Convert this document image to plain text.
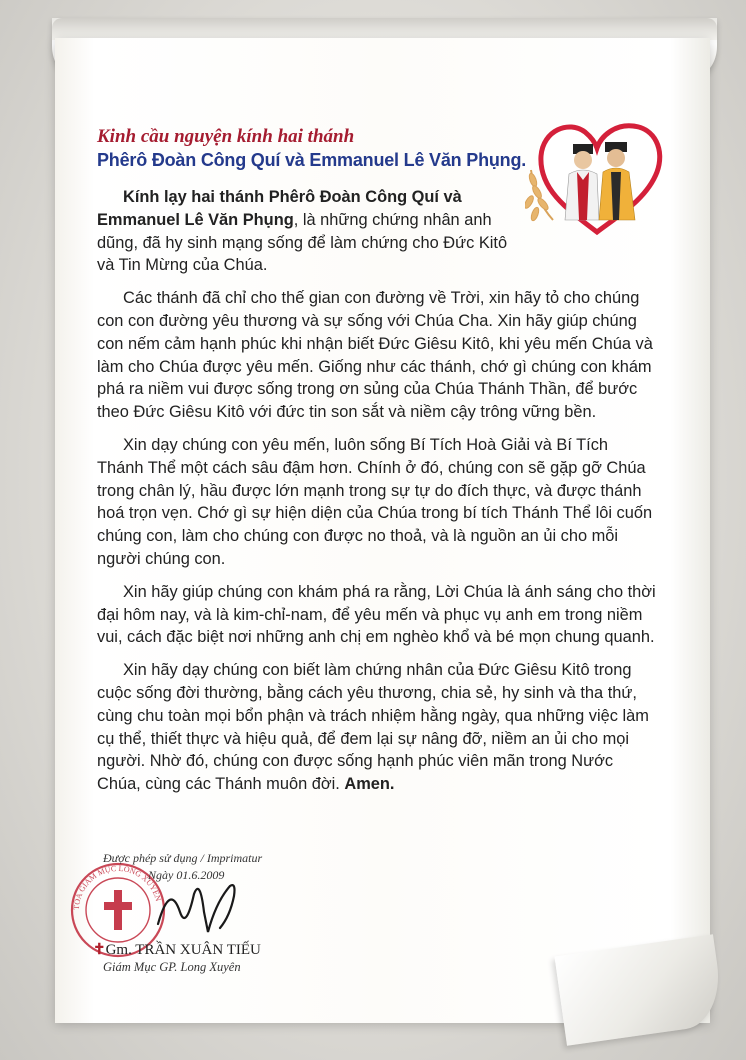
Kinh cầu nguyện kính hai thánh
Phêrô Đoàn Công Quí và Emmanuel Lê Văn Phụng.

Kính lạy hai thánh Phêrô Đoàn Công Quí và Emmanuel Lê Văn Phụng, là những chứng nhân anh dũng, đã hy sinh mạng sống để làm chứng cho Đức Kitô và Tin Mừng của Chúa.

Các thánh đã chỉ cho thế gian con đường về Trời, xin hãy tỏ cho chúng con con đường yêu thương và sự sống với Chúa Cha. Xin hãy giúp chúng con nếm cảm hạnh phúc khi nhận biết Đức Giêsu Kitô, khi yêu mến Chúa và làm cho Chúa được yêu mến. Giống như các thánh, chớ gì chúng con khám phá ra niềm vui được sống trong ơn sủng của Chúa Thánh Thần, để bước theo Đức Giêsu Kitô với đức tin son sắt và niềm cậy trông vững bền.

Xin dạy chúng con yêu mến, luôn sống Bí Tích Hoà Giải và Bí Tích Thánh Thể một cách sâu đậm hơn. Chính ở đó, chúng con sẽ gặp gỡ Chúa trong chân lý, hầu được lớn mạnh trong sự tự do đích thực, và được thánh hoá trọn vẹn. Chớ gì sự hiện diện của Chúa trong bí tích Thánh Thể lôi cuốn chúng con, làm cho chúng con được no thoả, và là nguồn an ủi cho mỗi người chúng con.

Xin hãy giúp chúng con khám phá ra rằng, Lời Chúa là ánh sáng cho thời đại hôm nay, và là kim-chỉ-nam, để yêu mến và phục vụ anh em trong niềm vui, cách đặc biệt nơi những anh chị em nghèo khổ và bé mọn chung quanh.

Xin hãy dạy chúng con biết làm chứng nhân của Đức Giêsu Kitô trong cuộc sống đời thường, bằng cách yêu thương, chia sẻ, hy sinh và tha thứ, cùng chu toàn mọi bổn phận và trách nhiệm hằng ngày, qua những việc làm cụ thể, thiết thực và hiệu quả, để đem lại sự nâng đỡ, niềm an ủi cho mọi người. Nhờ đó, chúng con được sống hạnh phúc viên mãn trong Nước Chúa, cùng các Thánh muôn đời. Amen.

TÒA GIÁM MỤC LONG XUYÊN
Được phép sử dụng / Imprimatur
Ngày 01.6.2009
✝Gm. TRẦN XUÂN TIẾU
Giám Mục GP. Long Xuyên
